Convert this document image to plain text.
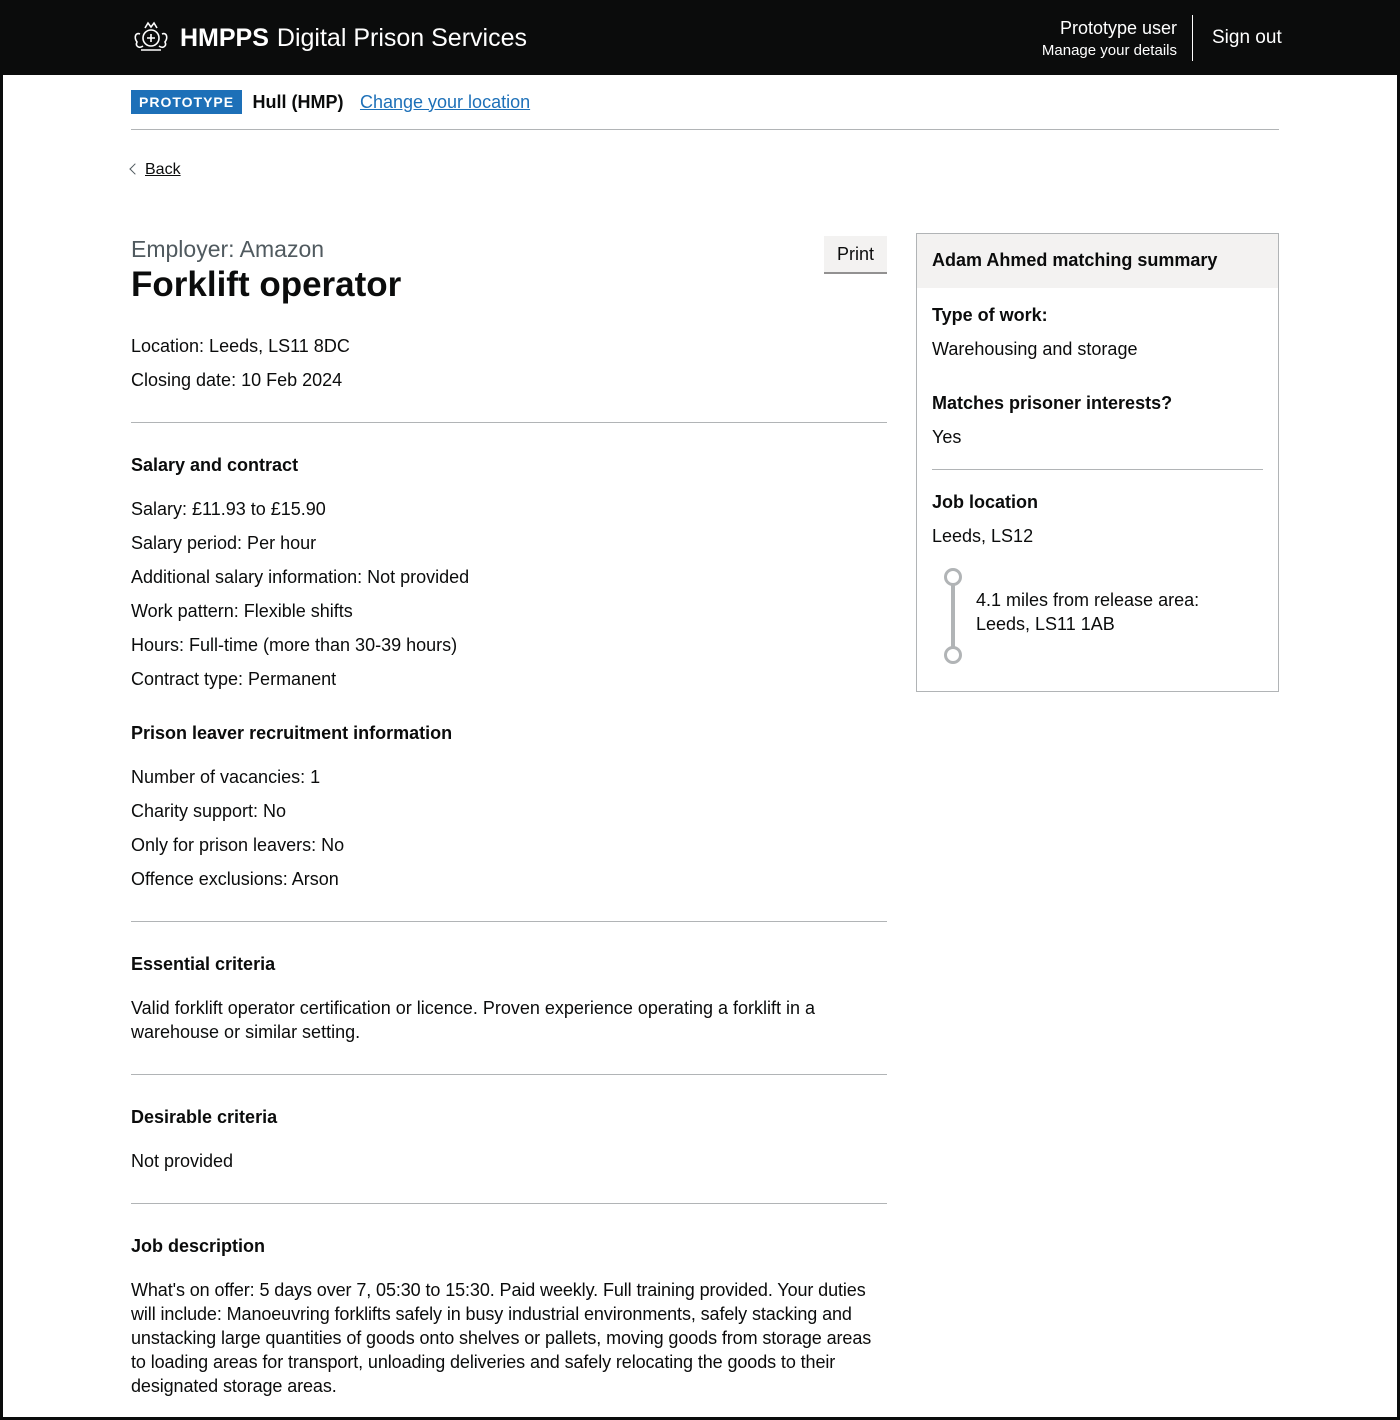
HMPPS Digital Prison Services	Prototype user
Manage your details
Sign out
PROTOTYPE Hull (HMP) Change your location
Back
Employer: Amazon
Forklift operator
Print

Location: Leeds, LS11 8DC

Closing date: 10 Feb 2024

Salary and contract

Salary: £11.93 to £15.90

Salary period: Per hour

Additional salary information: Not provided

Work pattern: Flexible shifts

Hours: Full-time (more than 30-39 hours)

Contract type: Permanent

Prison leaver recruitment information

Number of vacancies: 1

Charity support: No

Only for prison leavers: No

Offence exclusions: Arson

Essential criteria

Valid forklift operator certification or licence. Proven experience operating a forklift in a warehouse or similar setting.

Desirable criteria

Not provided

Job description

What's on offer: 5 days over 7, 05:30 to 15:30. Paid weekly. Full training provided. Your duties will include: Manoeuvring forklifts safely in busy industrial environments, safely stacking and unstacking large quantities of goods onto shelves or pallets, moving goods from storage areas to loading areas for transport, unloading deliveries and safely relocating the goods to their designated storage areas.

Adam Ahmed matching summary
Type of work:
Warehousing and storage
Matches prisoner interests?
Yes
Job location
Leeds, LS12
4.1 miles from release area:
Leeds, LS11 1AB
